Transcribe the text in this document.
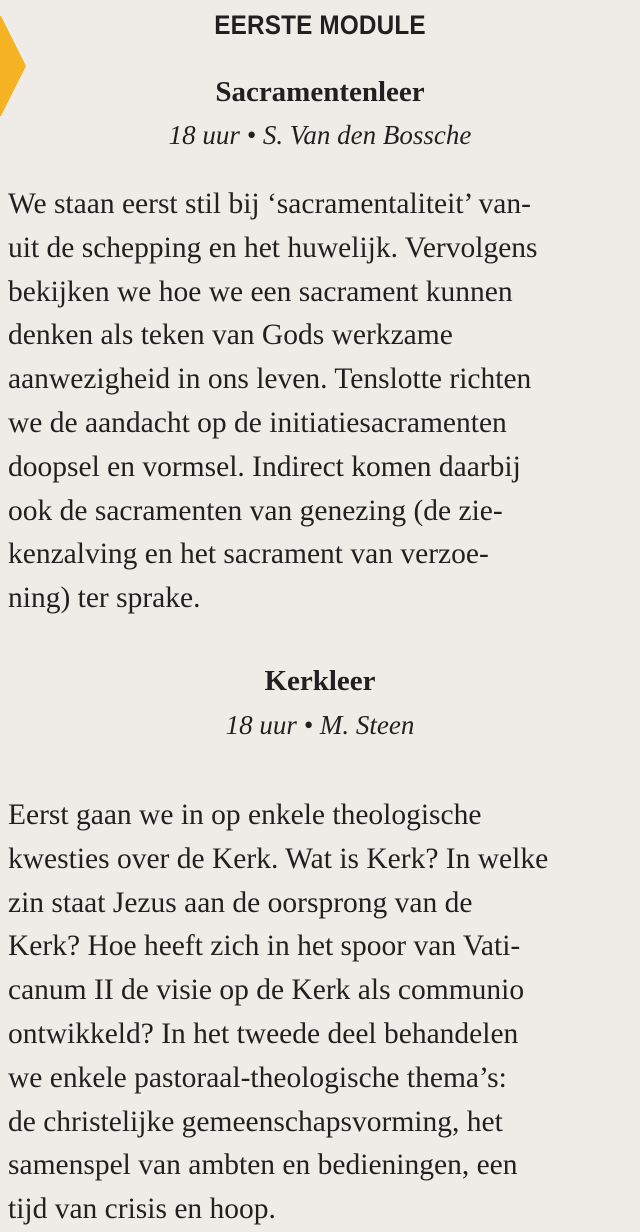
EERSTE MODULE
Sacramentenleer
18 uur • S. Van den Bossche

We staan eerst stil bij ‘sacramentaliteit’ van-
uit de schepping en het huwelijk. Vervolgens
bekijken we hoe we een sacrament kunnen
denken als teken van Gods werkzame
aanwezigheid in ons leven. Tenslotte richten
we de aandacht op de initiatiesacramenten
doopsel en vormsel. Indirect komen daarbij
ook de sacramenten van genezing (de zie-
kenzalving en het sacrament van verzoe-
ning) ter sprake.

Kerkleer
18 uur • M. Steen

Eerst gaan we in op enkele theologische
kwesties over de Kerk. Wat is Kerk? In welke
zin staat Jezus aan de oorsprong van de
Kerk? Hoe heeft zich in het spoor van Vati-
canum II de visie op de Kerk als communio
ontwikkeld? In het tweede deel behandelen
we enkele pastoraal-theologische thema’s:
de christelijke gemeenschapsvorming, het
samenspel van ambten en bedieningen, een
tijd van crisis en hoop.
